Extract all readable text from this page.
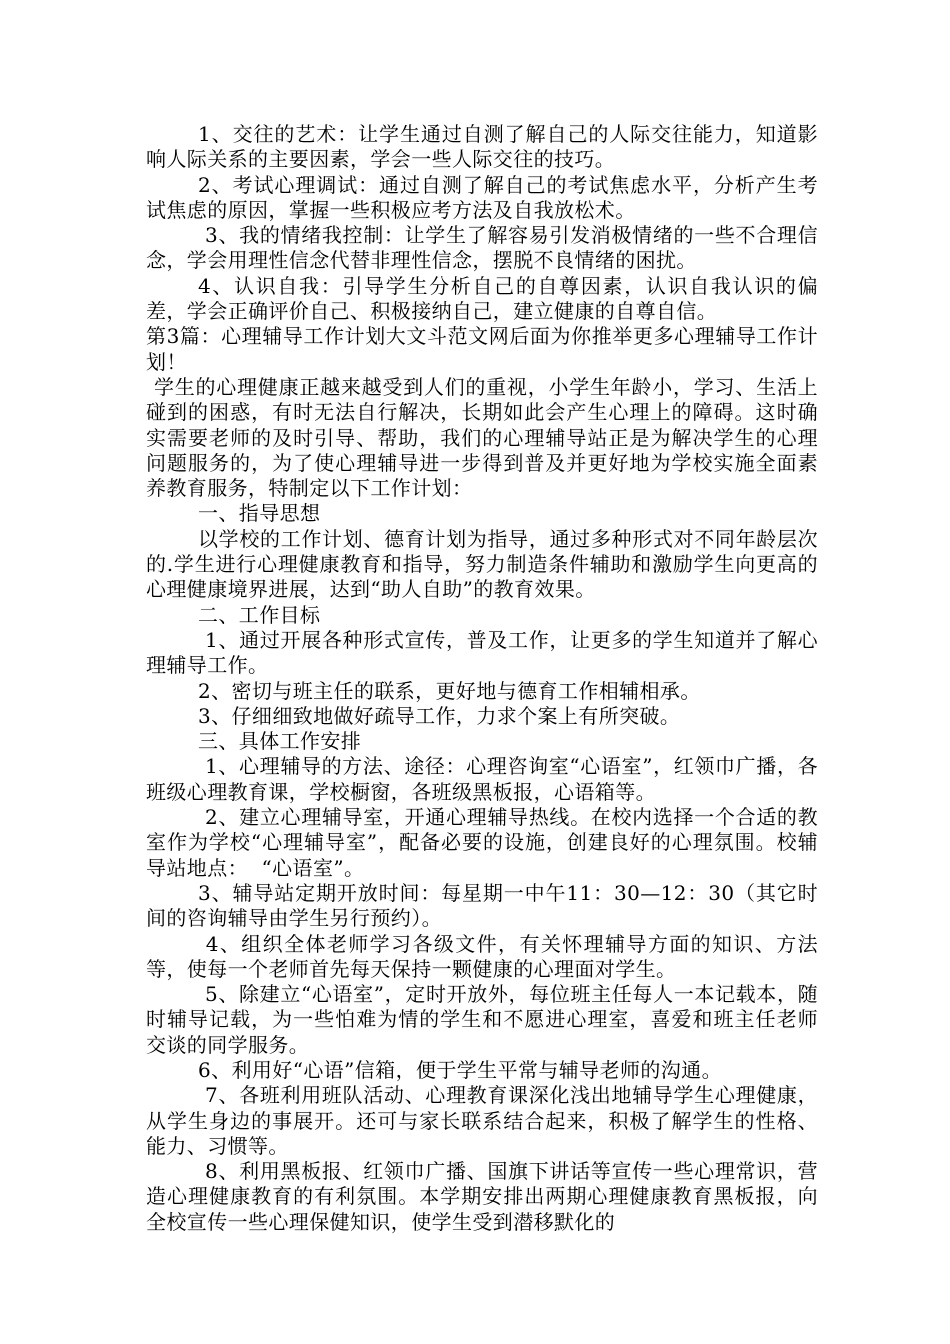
1、交往的艺术：让学生通过自测了解自己的人际交往能力，知道影响人际关系的主要因素，学会一些人际交往的技巧。

2、考试心理调试：通过自测了解自己的考试焦虑水平，分析产生考试焦虑的原因，掌握一些积极应考方法及自我放松术。

3、我的情绪我控制：让学生了解容易引发消极情绪的一些不合理信念，学会用理性信念代替非理性信念，摆脱不良情绪的困扰。

4、认识自我：引导学生分析自己的自尊因素，认识自我认识的偏差，学会正确评价自己、积极接纳自己，建立健康的自尊自信。

第3篇：心理辅导工作计划大文斗范文网后面为你推举更多心理辅导工作计划！

学生的心理健康正越来越受到人们的重视，小学生年龄小，学习、生活上碰到的困惑，有时无法自行解决，长期如此会产生心理上的障碍。这时确实需要老师的及时引导、帮助，我们的心理辅导站正是为解决学生的心理问题服务的，为了使心理辅导进一步得到普及并更好地为学校实施全面素养教育服务，特制定以下工作计划：

一、指导思想

以学校的工作计划、德育计划为指导，通过多种形式对不同年龄层次的.学生进行心理健康教育和指导，努力制造条件辅助和激励学生向更高的心理健康境界进展，达到“助人自助”的教育效果。

二、工作目标

1、通过开展各种形式宣传，普及工作，让更多的学生知道并了解心理辅导工作。

2、密切与班主任的联系，更好地与德育工作相辅相承。

3、仔细细致地做好疏导工作，力求个案上有所突破。

三、具体工作安排

1、心理辅导的方法、途径：心理咨询室“心语室”，红领巾广播，各班级心理教育课，学校橱窗，各班级黑板报，心语箱等。

2、建立心理辅导室，开通心理辅导热线。在校内选择一个合适的教室作为学校“心理辅导室”，配备必要的设施，创建良好的心理氛围。校辅导站地点：  “心语室”。

3、辅导站定期开放时间：每星期一中午11：30—12：30（其它时间的咨询辅导由学生另行预约）。

4、组织全体老师学习各级文件，有关怀理辅导方面的知识、方法等，使每一个老师首先每天保持一颗健康的心理面对学生。

5、除建立“心语室”，定时开放外，每位班主任每人一本记载本，随时辅导记载，为一些怕难为情的学生和不愿进心理室，喜爱和班主任老师交谈的同学服务。

6、利用好“心语”信箱，便于学生平常与辅导老师的沟通。

7、各班利用班队活动、心理教育课深化浅出地辅导学生心理健康，从学生身边的事展开。还可与家长联系结合起来，积极了解学生的性格、能力、习惯等。

8、利用黑板报、红领巾广播、国旗下讲话等宣传一些心理常识，营造心理健康教育的有利氛围。本学期安排出两期心理健康教育黑板报，向全校宣传一些心理保健知识，使学生受到潜移默化的
